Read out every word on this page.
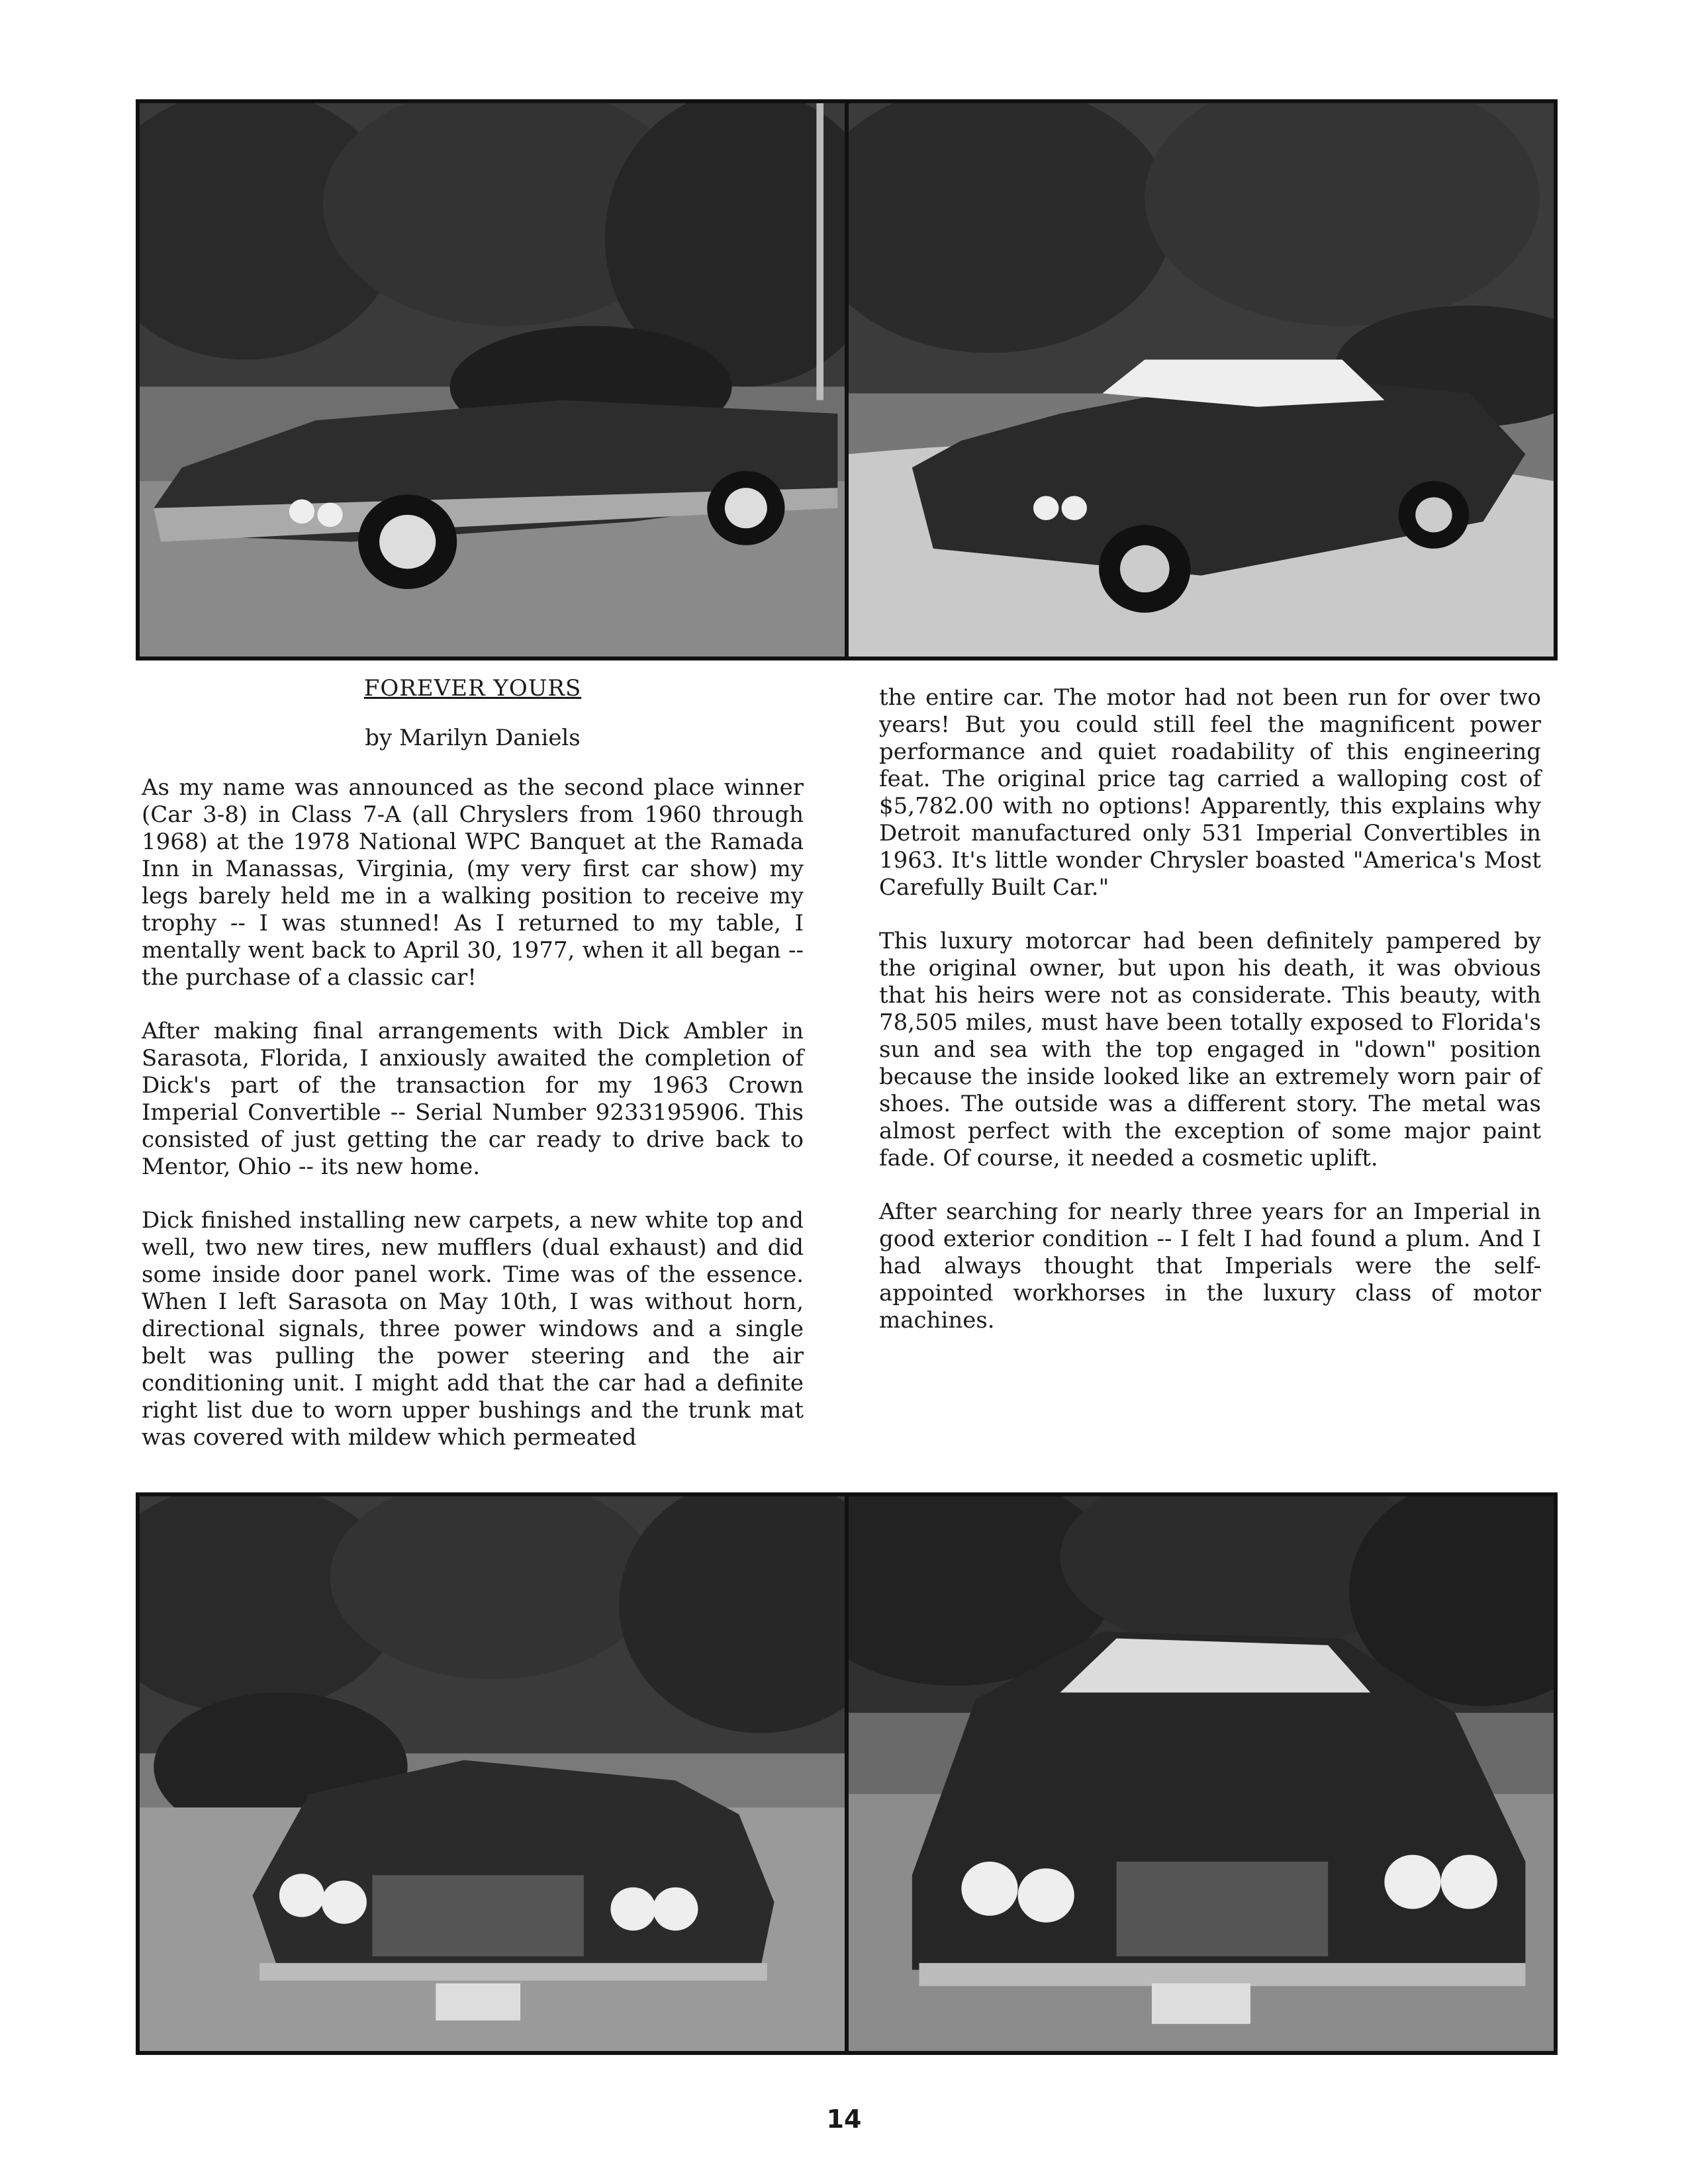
FOREVER YOURS
by Marilyn Daniels
As my name was announced as the second place winner (Car 3-8) in Class 7-A (all Chryslers from 1960 through 1968) at the 1978 National WPC Banquet at the Ramada Inn in Manassas, Virginia, (my very first car show) my legs barely held me in a walking position to receive my trophy -- I was stunned! As I returned to my table, I mentally went back to April 30, 1977, when it all began -- the purchase of a classic car!
After making final arrangements with Dick Ambler in Sarasota, Florida, I anxiously awaited the completion of Dick's part of the transaction for my 1963 Crown Imperial Convertible -- Serial Number 9233195906. This consisted of just getting the car ready to drive back to Mentor, Ohio -- its new home.
Dick finished installing new carpets, a new white top and well, two new tires, new mufflers (dual exhaust) and did some inside door panel work. Time was of the essence. When I left Sarasota on May 10th, I was without horn, directional signals, three power windows and a single belt was pulling the power steering and the air conditioning unit. I might add that the car had a definite right list due to worn upper bushings and the trunk mat was covered with mildew which permeated
the entire car. The motor had not been run for over two years! But you could still feel the magnificent power performance and quiet roadability of this engineering feat. The original price tag carried a walloping cost of $5,782.00 with no options! Apparently, this explains why Detroit manufactured only 531 Imperial Convertibles in 1963. It's little wonder Chrysler boasted "America's Most Carefully Built Car."
This luxury motorcar had been definitely pampered by the original owner, but upon his death, it was obvious that his heirs were not as considerate. This beauty, with 78,505 miles, must have been totally exposed to Florida's sun and sea with the top engaged in "down" position because the inside looked like an extremely worn pair of shoes. The outside was a different story. The metal was almost perfect with the exception of some major paint fade. Of course, it needed a cosmetic uplift.
After searching for nearly three years for an Imperial in good exterior condition -- I felt I had found a plum. And I had always thought that Imperials were the self-appointed workhorses in the luxury class of motor machines.
14
